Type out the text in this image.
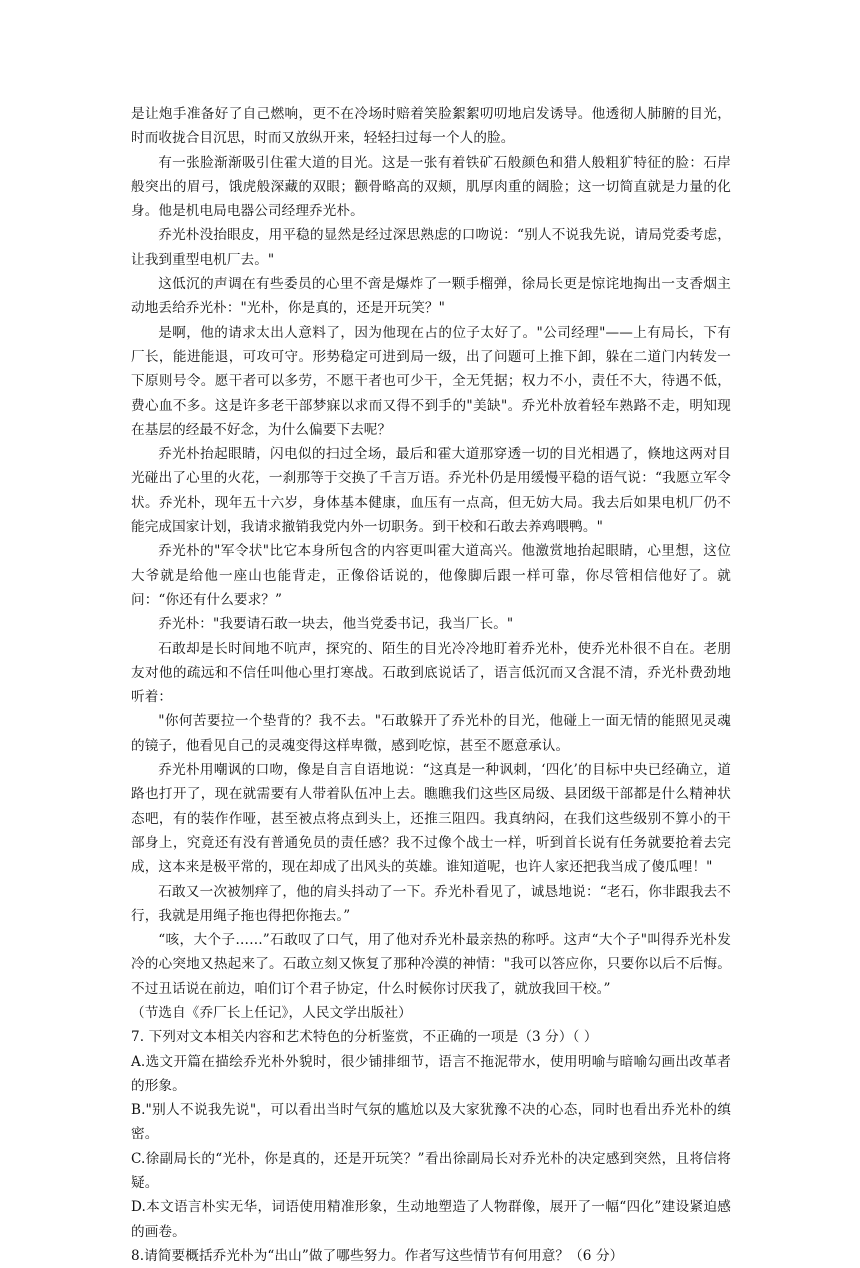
是让炮手准备好了自己燃响，更不在冷场时赔着笑脸絮絮叨叨地启发诱导。他透彻人肺腑的目光，时而收拢合目沉思，时而又放纵开来，轻轻扫过每一个人的脸。

有一张脸渐渐吸引住霍大道的目光。这是一张有着铁矿石般颜色和猎人般粗犷特征的脸：石岸般突出的眉弓，饿虎般深藏的双眼；颧骨略高的双颊，肌厚肉重的阔脸；这一切简直就是力量的化身。他是机电局电器公司经理乔光朴。

乔光朴没抬眼皮，用平稳的显然是经过深思熟虑的口吻说：“别人不说我先说，请局党委考虑，让我到重型电机厂去。"

这低沉的声调在有些委员的心里不啻是爆炸了一颗手榴弹，徐局长更是惊诧地掏出一支香烟主动地丢给乔光朴："光朴，你是真的，还是开玩笑？"

是啊，他的请求太出人意料了，因为他现在占的位子太好了。"公司经理"——上有局长，下有厂长，能进能退，可攻可守。形势稳定可进到局一级，出了问题可上推下卸，躲在二道门内转发一下原则号令。愿干者可以多劳，不愿干者也可少干，全无凭据；权力不小，责任不大，待遇不低，费心血不多。这是许多老干部梦寐以求而又得不到手的"美缺"。乔光朴放着轻车熟路不走，明知现在基层的经最不好念，为什么偏要下去呢？

乔光朴抬起眼睛，闪电似的扫过全场，最后和霍大道那穿透一切的目光相遇了，倏地这两对目光碰出了心里的火花，一刹那等于交换了千言万语。乔光朴仍是用缓慢平稳的语气说：“我愿立军令状。乔光朴，现年五十六岁，身体基本健康，血压有一点高，但无妨大局。我去后如果电机厂仍不能完成国家计划，我请求撤销我党内外一切职务。到干校和石敢去养鸡喂鸭。"

乔光朴的"军令状"比它本身所包含的内容更叫霍大道高兴。他激赏地抬起眼睛，心里想，这位大爷就是给他一座山也能背走，正像俗话说的，他像脚后跟一样可靠，你尽管相信他好了。就问：“你还有什么要求？”

乔光朴："我要请石敢一块去，他当党委书记，我当厂长。"

石敢却是长时间地不吭声，探究的、陌生的目光冷冷地盯着乔光朴，使乔光朴很不自在。老朋友对他的疏远和不信任叫他心里打寒战。石敢到底说话了，语言低沉而又含混不清，乔光朴费劲地听着：

"你何苦要拉一个垫背的？我不去。"石敢躲开了乔光朴的目光，他碰上一面无情的能照见灵魂的镜子，他看见自己的灵魂变得这样卑微，感到吃惊，甚至不愿意承认。

乔光朴用嘲讽的口吻，像是自言自语地说：“这真是一种讽刺，‘四化’的目标中央已经确立，道路也打开了，现在就需要有人带着队伍冲上去。瞧瞧我们这些区局级、县团级干部都是什么精神状态吧，有的装作作哑，甚至被点将点到头上，还推三阻四。我真纳闷，在我们这些级别不算小的干部身上，究竟还有没有普通免员的责任感？我不过像个战士一样，听到首长说有任务就要抢着去完成，这本来是极平常的，现在却成了出风头的英雄。谁知道呢，也许人家还把我当成了傻瓜哩！"

石敢又一次被刎痒了，他的肩头抖动了一下。乔光朴看见了，诚恳地说：“老石，你非跟我去不行，我就是用绳子拖也得把你拖去。”

“咳，大个子……”石敢叹了口气，用了他对乔光朴最亲热的称呼。这声“大个子"叫得乔光朴发冷的心突地又热起来了。石敢立刻又恢复了那种冷漠的神情："我可以答应你，只要你以后不后悔。不过丑话说在前边，咱们订个君子协定，什么时候你讨厌我了，就放我回干校。”

（节选自《乔厂长上任记》，人民文学出版社）

7. 下列对文本相关内容和艺术特色的分析鉴赏，不正确的一项是（3 分）（ ）

A.选文开篇在描绘乔光朴外貌时，很少铺排细节，语言不拖泥带水，使用明喻与暗喻勾画出改革者的形象。

B."别人不说我先说"，可以看出当时气氛的尴尬以及大家犹豫不决的心态，同时也看出乔光朴的缜密。

C.徐副局长的“光朴，你是真的，还是开玩笑？”看出徐副局长对乔光朴的决定感到突然，且将信将疑。

D.本文语言朴实无华，词语使用精准形象，生动地塑造了人物群像，展开了一幅“四化”建设紧迫感的画卷。

8.请简要概括乔光朴为“出山”做了哪些努力。作者写这些情节有何用意？（6 分）
